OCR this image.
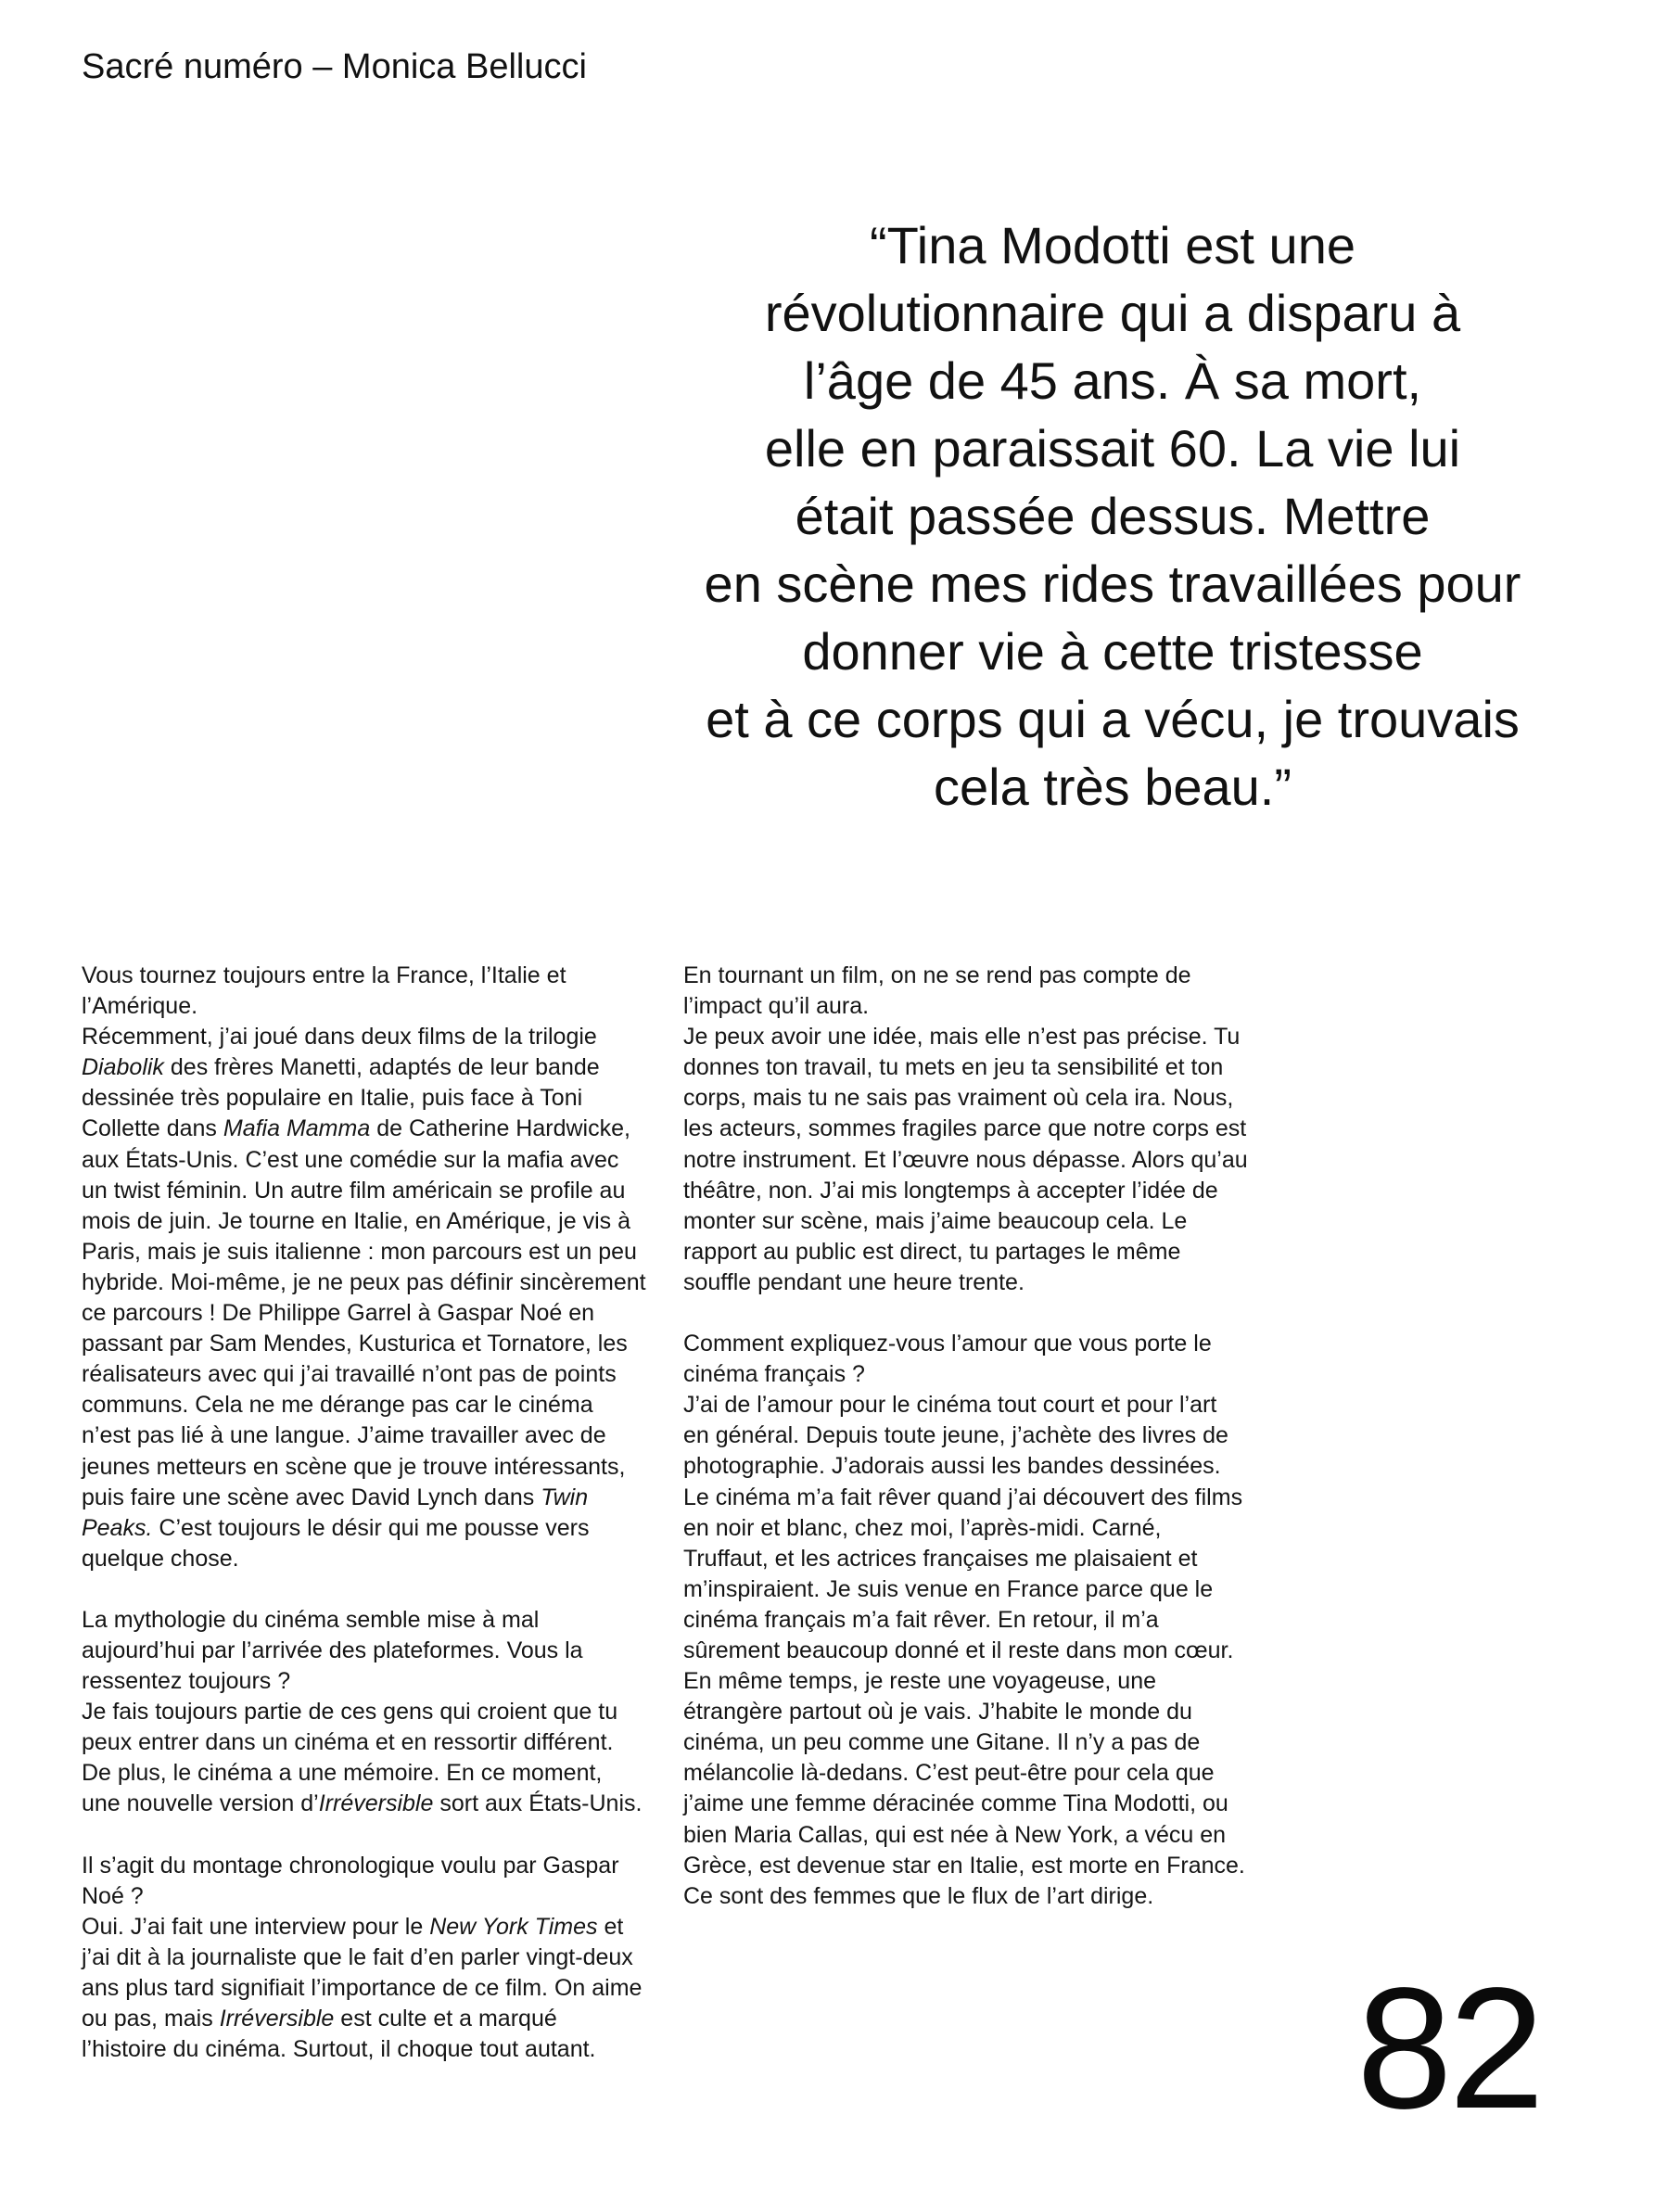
Sacré numéro – Monica Bellucci
“Tina Modotti est une
révolutionnaire qui a disparu à
l’âge de 45 ans. À sa mort,
elle en paraissait 60. La vie lui
était passée dessus. Mettre
en scène mes rides travaillées pour
donner vie à cette tristesse
et à ce corps qui a vécu, je trouvais
cela très beau.”

Vous tournez toujours entre la France, l’Italie et l’Amérique.

Récemment, j’ai joué dans deux films de la trilogie Diabolik des frères Manetti, adaptés de leur bande dessinée très populaire en Italie, puis face à Toni Collette dans Mafia Mamma de Catherine Hardwicke, aux États-Unis. C’est une comédie sur la mafia avec un twist féminin. Un autre film américain se profile au mois de juin. Je tourne en Italie, en Amérique, je vis à Paris, mais je suis italienne : mon parcours est un peu hybride. Moi-même, je ne peux pas définir sincèrement ce parcours ! De Philippe Garrel à Gaspar Noé en passant par Sam Mendes, Kusturica et Tornatore, les réalisateurs avec qui j’ai travaillé n’ont pas de points communs. Cela ne me dérange pas car le cinéma n’est pas lié à une langue. J’aime travailler avec de jeunes metteurs en scène que je trouve intéressants, puis faire une scène avec David Lynch dans Twin Peaks. C’est toujours le désir qui me pousse vers quelque chose.

La mythologie du cinéma semble mise à mal aujourd’hui par l’arrivée des plateformes. Vous la ressentez toujours ?

Je fais toujours partie de ces gens qui croient que tu peux entrer dans un cinéma et en ressortir différent. De plus, le cinéma a une mémoire. En ce moment, une nouvelle version d’Irréversible sort aux États-Unis.

Il s’agit du montage chronologique voulu par Gaspar Noé ?

Oui. J’ai fait une interview pour le New York Times et j’ai dit à la journaliste que le fait d’en parler vingt-deux ans plus tard signifiait l’importance de ce film. On aime ou pas, mais Irréversible est culte et a marqué l’histoire du cinéma. Surtout, il choque tout autant.

En tournant un film, on ne se rend pas compte de l’impact qu’il aura.

Je peux avoir une idée, mais elle n’est pas précise. Tu donnes ton travail, tu mets en jeu ta sensibilité et ton corps, mais tu ne sais pas vraiment où cela ira. Nous, les acteurs, sommes fragiles parce que notre corps est notre instrument. Et l’œuvre nous dépasse. Alors qu’au théâtre, non. J’ai mis longtemps à accepter l’idée de monter sur scène, mais j’aime beaucoup cela. Le rapport au public est direct, tu partages le même souffle pendant une heure trente.

Comment expliquez-vous l’amour que vous porte le cinéma français ?

J’ai de l’amour pour le cinéma tout court et pour l’art en général. Depuis toute jeune, j’achète des livres de photographie. J’adorais aussi les bandes dessinées. Le cinéma m’a fait rêver quand j’ai découvert des films en noir et blanc, chez moi, l’après-midi. Carné, Truffaut, et les actrices françaises me plaisaient et m’inspiraient. Je suis venue en France parce que le cinéma français m’a fait rêver. En retour, il m’a sûrement beaucoup donné et il reste dans mon cœur. En même temps, je reste une voyageuse, une étrangère partout où je vais. J’habite le monde du cinéma, un peu comme une Gitane. Il n’y a pas de mélancolie là-dedans. C’est peut-être pour cela que j’aime une femme déracinée comme Tina Modotti, ou bien Maria Callas, qui est née à New York, a vécu en Grèce, est devenue star en Italie, est morte en France. Ce sont des femmes que le flux de l’art dirige.

82
